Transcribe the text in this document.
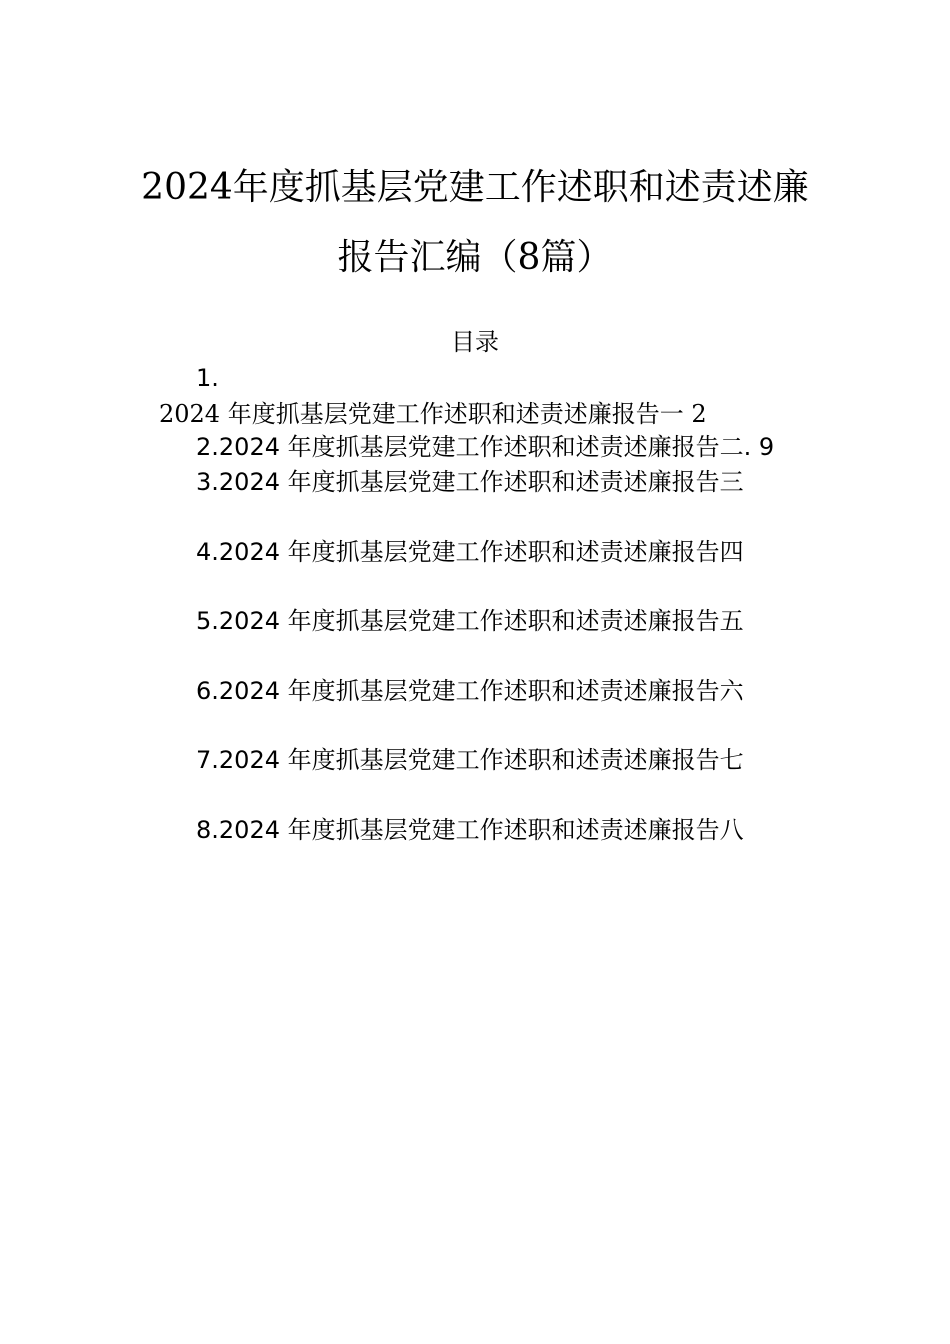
2024年度抓基层党建工作述职和述责述廉
报告汇编（8篇）
目录
1.
2024 年度抓基层党建工作述职和述责述廉报告一 2
2.2024 年度抓基层党建工作述职和述责述廉报告二. 9
3.2024 年度抓基层党建工作述职和述责述廉报告三
4.2024 年度抓基层党建工作述职和述责述廉报告四
5.2024 年度抓基层党建工作述职和述责述廉报告五
6.2024 年度抓基层党建工作述职和述责述廉报告六
7.2024 年度抓基层党建工作述职和述责述廉报告七
8.2024 年度抓基层党建工作述职和述责述廉报告八
